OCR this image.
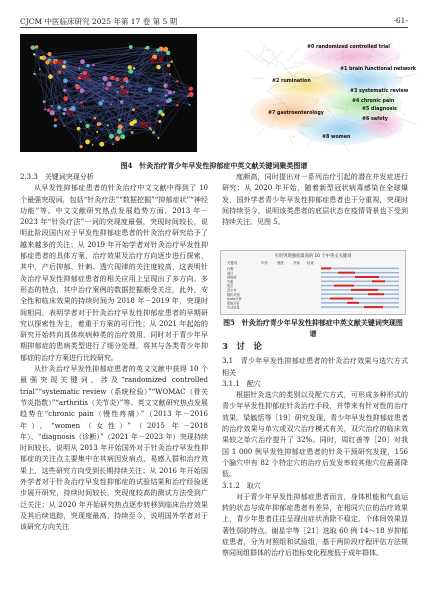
CJCM 中医临床研究 2025 年第 17 卷 第 5 期	-61-
针刺
抑郁症
针灸
青少年
电针
焦虑
#0 randomized controlled trial
#1 brain functional network
#2 rumination
#3 systematic review
#4 chronic pain
#5 diagnosis
#6 safety
#7 gastroenterology
#8 women
图4　针灸治疗青少年早发性抑郁症中英文献关键词聚类图谱

2.3.3　关键词突现分析

从早发性抑郁症患者的针灸治疗中文文献中得到了 10 个最强突现词，包括“针灸疗法”“数据挖掘”“抑郁症状”“神经功能”等。中文文献研究热点发展趋势方面，2013 年－2023 年“针灸疗法”一词的突现度最强，突现时间较长，说明此阶段国内对于早发性抑郁症患者的针灸治疗研究给予了越来越多的关注；从 2019 年开始学者对针灸治疗早发性抑郁症患者的具体方案、治疗效果及治疗方向逐步进行探索，其中，产后抑郁、针刺、透穴现律的关注度较高，这表明针灸治疗早发性抑郁症患者的相关应用上呈现出了多方向、多形态的特点，其中治疗案例的数据挖掘颇受关注，此外，安全性和临床效果的持续时间为 2018 年－2019 年，突现时间相同，表明学者对于针灸治疗早发性抑郁症患者的早期研究以探索性为主，着重于方案的可行性；从 2021 年起始的研究开始转向具体疾病种类的治疗效用，同时对于青少年早期抑郁症的患病类型进行了细分处理，将其与各类青少年抑郁症的治疗方案进行比较研究。

从针灸治疗早发性抑郁症患者的英文文献中获得 10 个最强突现关键词，涉及“randomized controlled trial”“systematic review（系统检验）”“WOMAC（骨关节炎指数）”“arthritis（关节炎）”等。英文文献研究热点发展趋势在“chronic pain（慢性疼痛）”（2013 年－2016 年）、“women（女性）”（2015 年－2018 年）、“diagnosis（诊断）”（2021 年－2023 年）突现持续时间较长。说明从 2013 年开始国外对于针灸治疗早发性抑郁症的关注点主要集中在其病因发病点、易感人群和治疗效果上，这些研究方向受到长期持续关注；从 2016 年开始国外学者对于针灸治疗早发性抑郁症的试验结果和治疗经验逐步展开研究，持续时间较长，突现度较高的测试方法受到广泛关注；从 2020 年开始研究热点逐步转移到临床治疗效果及其后续追踪，突现度最高，持续至今，说明国外学者对于该研究方向关注

度颇高，同时提出对一系列治疗引起的潜在并发症进行研究；从 2020 年开始，随着新型冠状病毒感染在全球爆发，国外学者青少年早发性抑郁症患者也于分重视，突现时间持续至今，说明该类患者的底层状态在疫情背景也下受到持续关注。见图 5。

引用突现强度最高的 10 个中英文关键词
关键词	年份	强度	开始 结束
针刺
电针
抑郁症
失眠
焦虑
青少年
随机对照
meta分析
系统评价
生活质量
图5　针灸治疗青少年早发性抑郁症中英文献关键词突现图谱

3　讨　论

3.1　青少年早发性抑郁症患者的针灸治疗效果与选穴方式相关

3.1.1　配穴

根据针灸选穴的类别以及配穴方式，可形成多种形式的青少年早发性抑郁症针灸治疗手段，并带来有针对性的治疗效果。梁毓恬等［19］研究发现，青少年早发性抑郁症患者的治疗效果与单穴或双穴治疗模式有关，双穴治疗的临床效果较之单穴治疗提升了 32%。同时，周红善等［20］对我国 1 000 例早发性抑郁症患者的针灸干预研究发现，156 个腧穴中有 82 个特定穴的治疗后发发率较其他穴位最著降低。

3.1.2　取穴

对于青少年早发性抑郁症患者而言，身体机能和气血运转的状态与成年抑郁症患者有差异，在相同穴位的治疗效果上，青少年患者往往呈现出症状消除不稳定，个体间效果显著性弱的特点。谢星宇等［21］选取 60 例 14～18 岁抑郁症患者，分为对照组和试验组，基于两阶段疗程评估方法规察同间组群体的治疗后指标变化程度低于成年群体。
